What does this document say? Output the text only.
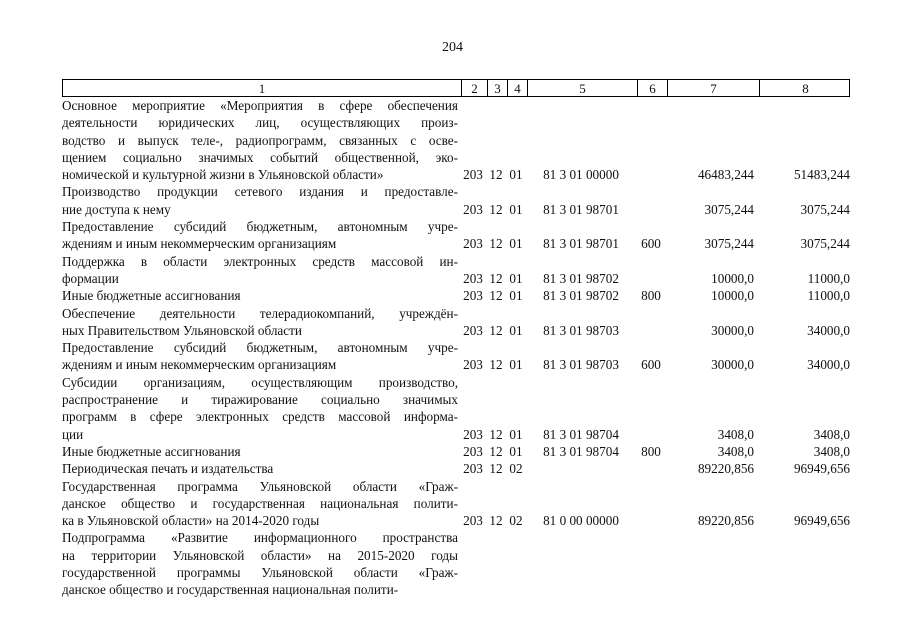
204
1	2	3	4	5	6	7	8
Основное мероприятие «Мероприятия в сфере обеспечения
деятельности юридических лиц, осуществляющих произ-
водство и выпуск теле-, радиопрограмм, связанных с осве-
щением социально значимых событий общественной, эко-
номической и культурной жизни в Ульяновской области»	203 12 01	81 3 01 00000	46483,244	51483,244
Производство продукции сетевого издания и предоставле-
ние доступа к нему	203 12 01	81 3 01 98701	3075,244	3075,244
Предоставление субсидий бюджетным, автономным учре-
ждениям и иным некоммерческим организациям	203 12 01	81 3 01 98701	600	3075,244	3075,244
Поддержка в области электронных средств массовой ин-
формации	203 12 01	81 3 01 98702	10000,0	11000,0
Иные бюджетные ассигнования	203 12 01	81 3 01 98702	800	10000,0	11000,0
Обеспечение деятельности телерадиокомпаний, учреждён-
ных Правительством Ульяновской области	203 12 01	81 3 01 98703	30000,0	34000,0
Предоставление субсидий бюджетным, автономным учре-
ждениям и иным некоммерческим организациям	203 12 01	81 3 01 98703	600	30000,0	34000,0
Субсидии организациям, осуществляющим производство,
распространение и тиражирование социально значимых
программ в сфере электронных средств массовой информа-
ции	203 12 01	81 3 01 98704	3408,0	3408,0
Иные бюджетные ассигнования	203 12 01	81 3 01 98704	800	3408,0	3408,0
Периодическая печать и издательства	203 12 02	89220,856	96949,656
Государственная программа Ульяновской области «Граж-
данское общество и государственная национальная полити-
ка в Ульяновской области» на 2014-2020 годы	203 12 02	81 0 00 00000	89220,856	96949,656
Подпрограмма «Развитие информационного пространства
на территории Ульяновской области» на 2015-2020 годы
государственной программы Ульяновской области «Граж-
данское общество и государственная национальная полити-
